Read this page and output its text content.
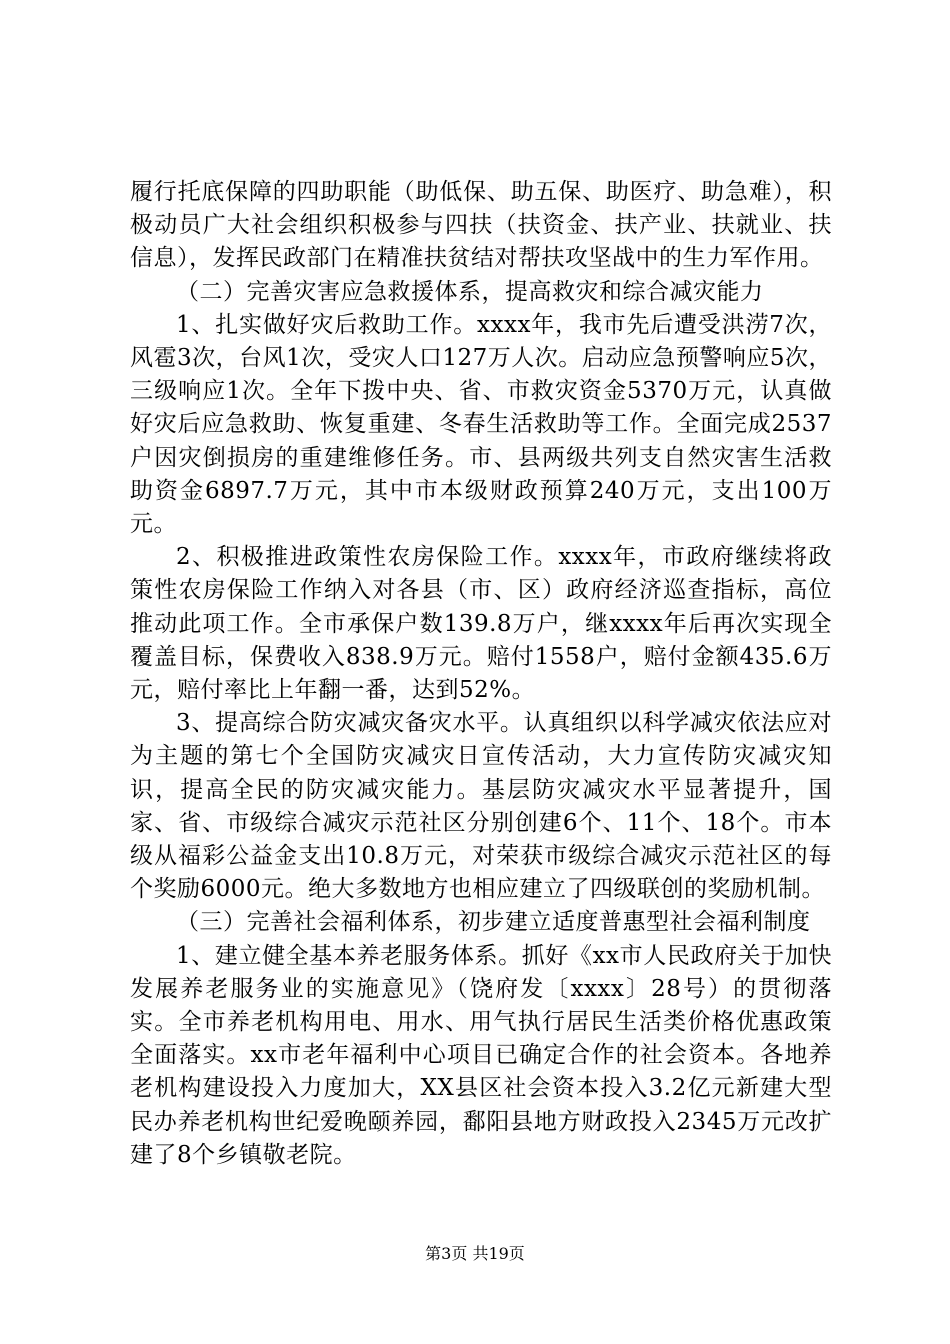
履行托底保障的四助职能（助低保、助五保、助医疗、助急难），积极动员广大社会组织积极参与四扶（扶资金、扶产业、扶就业、扶信息），发挥民政部门在精准扶贫结对帮扶攻坚战中的生力军作用。

（二）完善灾害应急救援体系，提高救灾和综合减灾能力

1、扎实做好灾后救助工作。xxxx年，我市先后遭受洪涝7次，风雹3次，台风1次，受灾人口127万人次。启动应急预警响应5次，三级响应1次。全年下拨中央、省、市救灾资金5370万元，认真做好灾后应急救助、恢复重建、冬春生活救助等工作。全面完成2537户因灾倒损房的重建维修任务。市、县两级共列支自然灾害生活救助资金6897.7万元，其中市本级财政预算240万元，支出100万元。

2、积极推进政策性农房保险工作。xxxx年，市政府继续将政策性农房保险工作纳入对各县（市、区）政府经济巡查指标，高位推动此项工作。全市承保户数139.8万户，继xxxx年后再次实现全覆盖目标，保费收入838.9万元。赔付1558户，赔付金额435.6万元，赔付率比上年翻一番，达到52%。

3、提高综合防灾减灾备灾水平。认真组织以科学减灾依法应对为主题的第七个全国防灾减灾日宣传活动，大力宣传防灾减灾知识，提高全民的防灾减灾能力。基层防灾减灾水平显著提升，国家、省、市级综合减灾示范社区分别创建6个、11个、18个。市本级从福彩公益金支出10.8万元，对荣获市级综合减灾示范社区的每个奖励6000元。绝大多数地方也相应建立了四级联创的奖励机制。

（三）完善社会福利体系，初步建立适度普惠型社会福利制度

1、建立健全基本养老服务体系。抓好《xx市人民政府关于加快发展养老服务业的实施意见》（饶府发〔xxxx〕28号）的贯彻落实。全市养老机构用电、用水、用气执行居民生活类价格优惠政策全面落实。xx市老年福利中心项目已确定合作的社会资本。各地养老机构建设投入力度加大，XX县区社会资本投入3.2亿元新建大型民办养老机构世纪爱晚颐养园，鄱阳县地方财政投入2345万元改扩建了8个乡镇敬老院。

第3页 共19页
